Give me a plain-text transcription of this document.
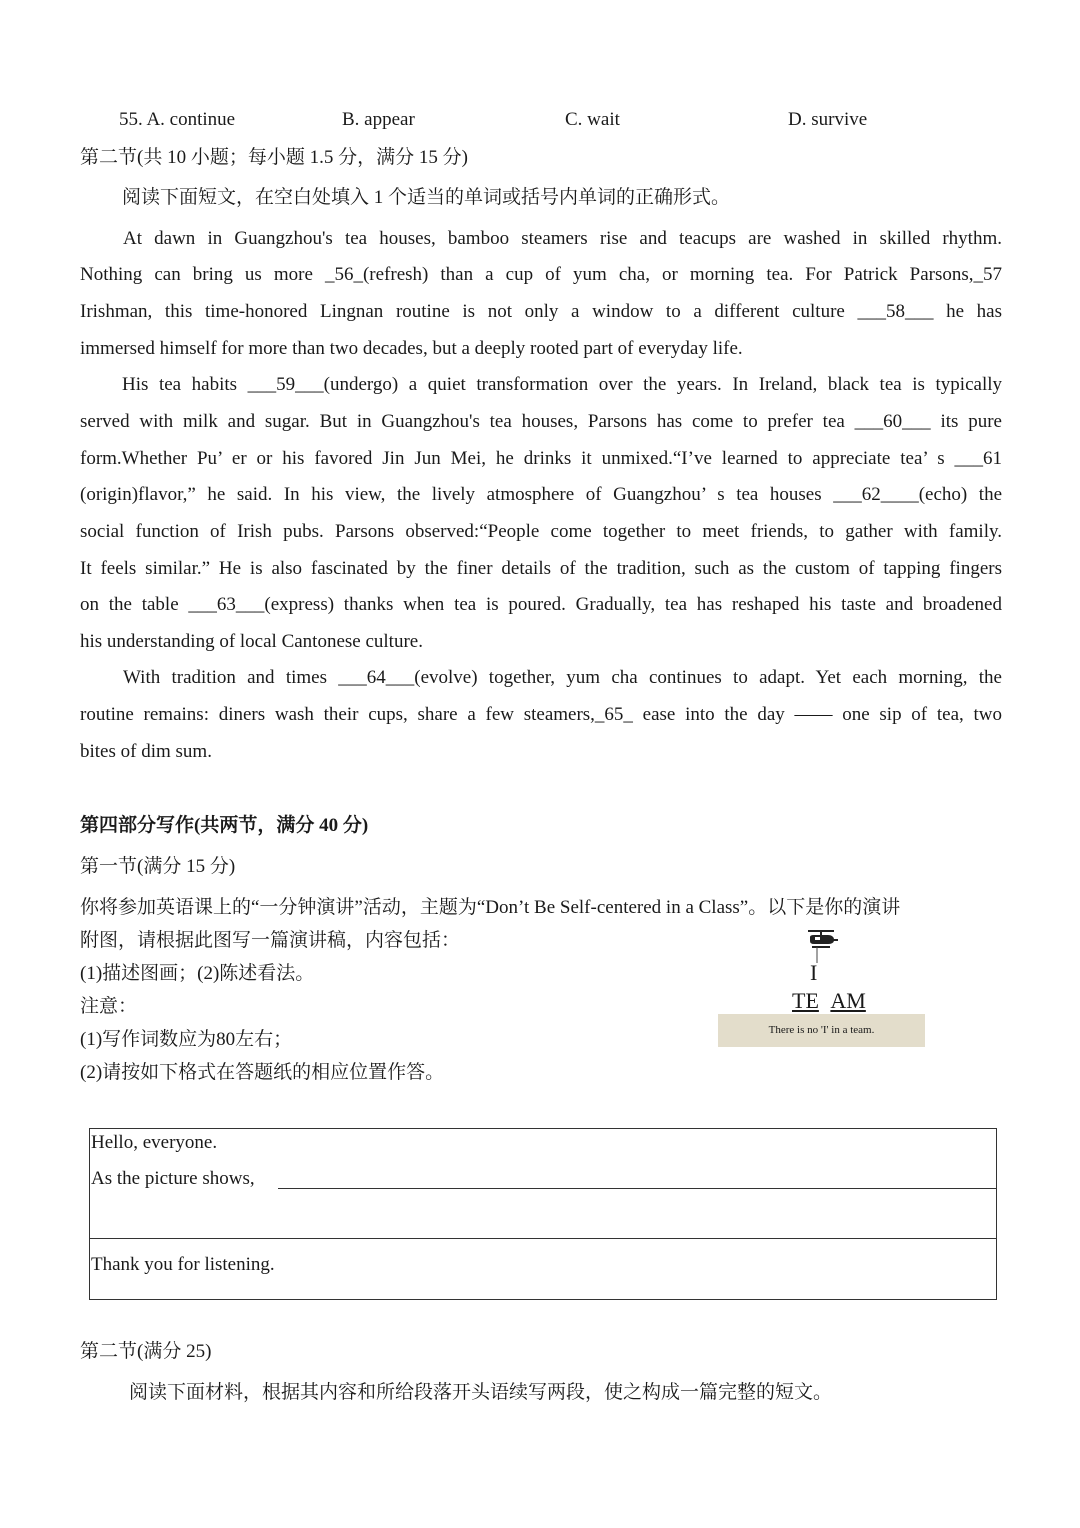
55. A. continue	B. appear	C. wait	D. survive
第二节(共 10 小题；每小题 1.5 分，满分 15 分)
阅读下面短文，在空白处填入 1 个适当的单词或括号内单词的正确形式。
At dawn in Guangzhou's tea houses, bamboo steamers rise and teacups are washed in skilled rhythm.
Nothing can bring us more _56_(refresh) than a cup of yum cha, or morning tea. For Patrick Parsons,_57
Irishman, this time-honored Lingnan routine is not only a window to a different culture ___58___ he has
immersed himself for more than two decades, but a deeply rooted part of everyday life.
His tea habits ___59___(undergo) a quiet transformation over the years. In Ireland, black tea is typically
served with milk and sugar. But in Guangzhou's tea houses, Parsons has come to prefer tea ___60___ its pure
form.Whether Pu’ er or his favored Jin Jun Mei, he drinks it unmixed.“I’ve learned to appreciate tea’ s ___61
(origin)flavor,” he said. In his view, the lively atmosphere of Guangzhou’ s tea houses ___62____(echo) the
social function of Irish pubs. Parsons observed:“People come together to meet friends, to gather with family.
It feels similar.” He is also fascinated by the finer details of the tradition, such as the custom of tapping fingers
on the table ___63___(express) thanks when tea is poured. Gradually, tea has reshaped his taste and broadened
his understanding of local Cantonese culture.
With tradition and times ___64___(evolve) together, yum cha continues to adapt. Yet each morning, the
routine remains: diners wash their cups, share a few steamers,_65_ ease into the day —— one sip of tea, two
bites of dim sum.
第四部分写作(共两节，满分 40 分)
第一节(满分 15 分)
你将参加英语课上的“一分钟演讲”活动，主题为“Don’t Be Self-centered in a Class”。以下是你的演讲
附图，请根据此图写一篇演讲稿，内容包括：
(1)描述图画；(2)陈述看法。
注意：
(1)写作词数应为80左右；
(2)请按如下格式在答题纸的相应位置作答。
I
TE AM
There is no 'I' in a team.
Hello, everyone.
As the picture shows,
Thank you for listening.
第二节(满分 25)
阅读下面材料，根据其内容和所给段落开头语续写两段，使之构成一篇完整的短文。
